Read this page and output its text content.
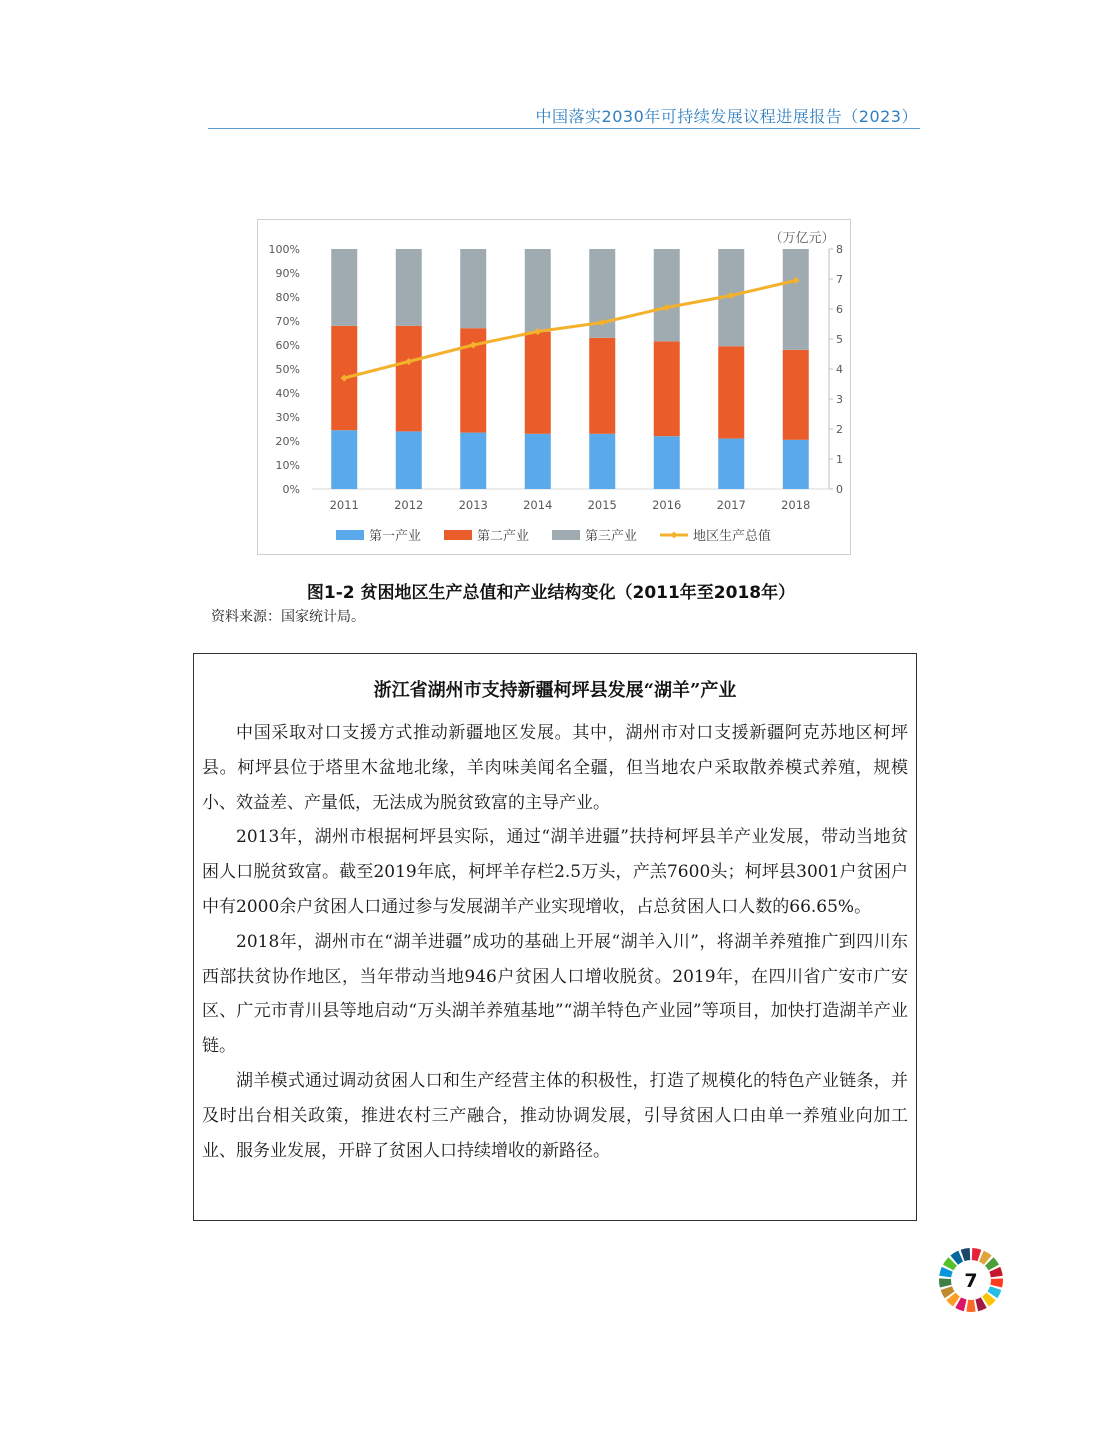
中国落实2030年可持续发展议程进展报告（2023）
0%
10%
20%
30%
40%
50%
60%
70%
80%
90%
100%
0
1
2
3
4
5
6
7
8
（万亿元）
2011	2012	2013	2014	2015	2016	2017	2018
第一产业	第二产业	第三产业	地区生产总值
图1-2 贫困地区生产总值和产业结构变化（2011年至2018年）
资料来源：国家统计局。
浙江省湖州市支持新疆柯坪县发展“湖羊”产业

中国采取对口支援方式推动新疆地区发展。其中，湖州市对口支援新疆阿克苏地区柯坪县。柯坪县位于塔里木盆地北缘，羊肉味美闻名全疆，但当地农户采取散养模式养殖，规模小、效益差、产量低，无法成为脱贫致富的主导产业。

2013年，湖州市根据柯坪县实际，通过“湖羊进疆”扶持柯坪县羊产业发展，带动当地贫困人口脱贫致富。截至2019年底，柯坪羊存栏2.5万头，产羔7600头；柯坪县3001户贫困户中有2000余户贫困人口通过参与发展湖羊产业实现增收，占总贫困人口人数的66.65%。

2018年，湖州市在“湖羊进疆”成功的基础上开展“湖羊入川”，将湖羊养殖推广到四川东西部扶贫协作地区，当年带动当地946户贫困人口增收脱贫。2019年，在四川省广安市广安区、广元市青川县等地启动“万头湖羊养殖基地”“湖羊特色产业园”等项目，加快打造湖羊产业链。

湖羊模式通过调动贫困人口和生产经营主体的积极性，打造了规模化的特色产业链条，并及时出台相关政策，推进农村三产融合，推动协调发展，引导贫困人口由单一养殖业向加工业、服务业发展，开辟了贫困人口持续增收的新路径。

7
